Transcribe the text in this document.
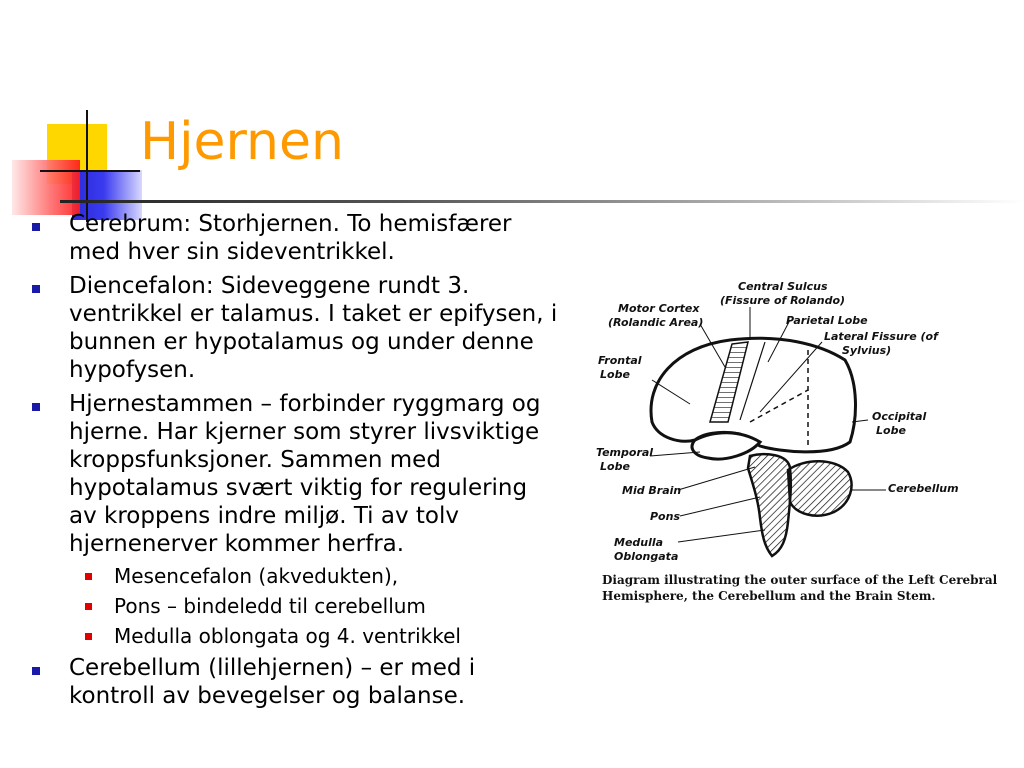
Hjernen
Cerebrum: Storhjernen. To hemisfærer med hver sin sideventrikkel.
Diencefalon: Sideveggene rundt 3. ventrikkel er talamus. I taket er epifysen, i bunnen er hypotalamus og under denne hypofysen.
Hjernestammen – forbinder ryggmarg og hjerne. Har kjerner som styrer livsviktige kroppsfunksjoner. Sammen med hypotalamus svært viktig for regulering av kroppens indre miljø. Ti av tolv hjernenerver kommer herfra.
Mesencefalon (akvedukten),
Pons – bindeledd til cerebellum
Medulla oblongata og 4. ventrikkel
Cerebellum (lillehjernen) – er med i kontroll av bevegelser og balanse.
Central Sulcus
(Fissure of Rolando)
Motor Cortex
(Rolandic Area)	Parietal Lobe
Lateral Fissure (of
Sylvius)
Frontal
Lobe
Occipital
Lobe
Temporal
Lobe
Mid Brain	Cerebellum
Pons
Medulla
Oblongata
Diagram illustrating the outer surface of the Left Cerebral Hemisphere, the Cerebellum and the Brain Stem.
